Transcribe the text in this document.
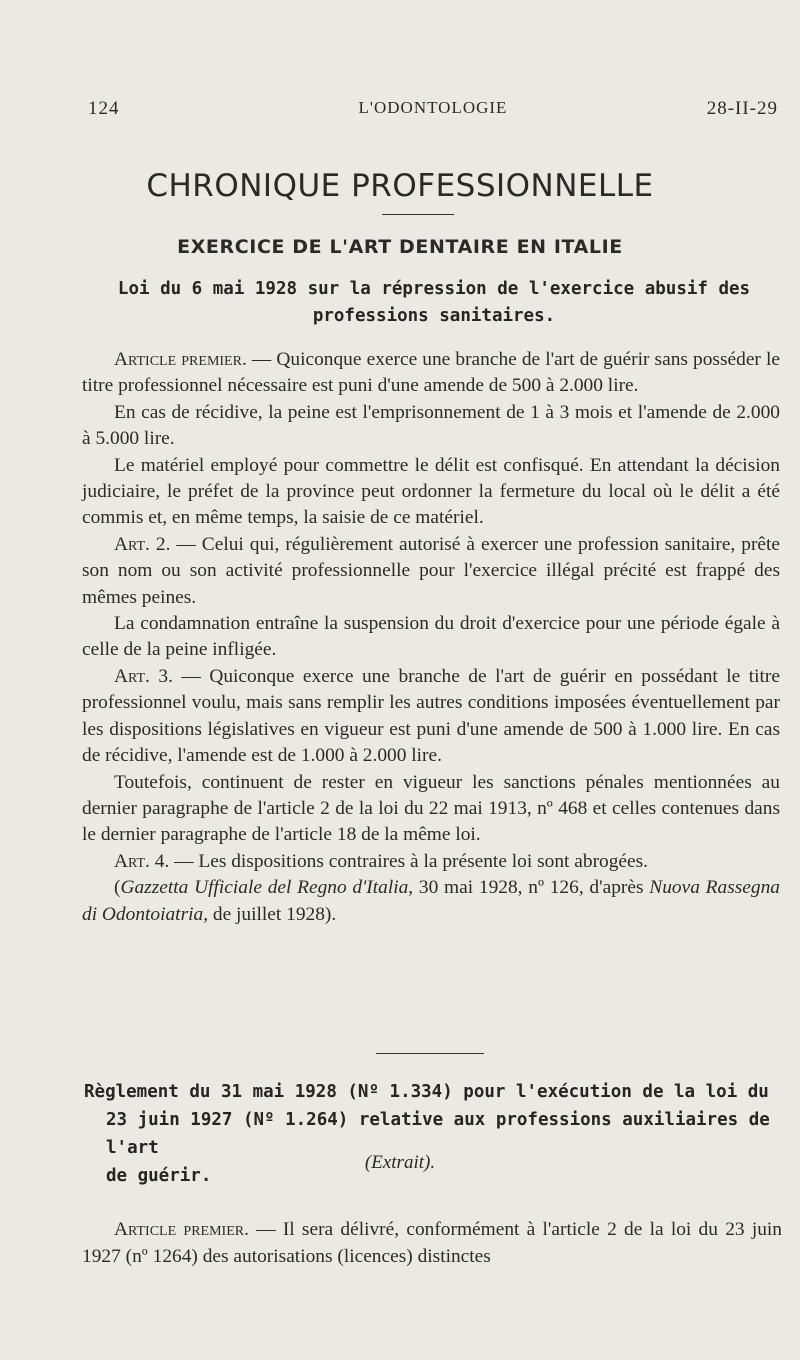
124	L'ODONTOLOGIE	28-II-29
CHRONIQUE PROFESSIONNELLE
EXERCICE DE L'ART DENTAIRE EN ITALIE
Loi du 6 mai 1928 sur la répression de l'exercice abusif des professions sanitaires.

Article premier. — Quiconque exerce une branche de l'art de guérir sans posséder le titre professionnel nécessaire est puni d'une amende de 500 à 2.000 lire.

En cas de récidive, la peine est l'emprisonnement de 1 à 3 mois et l'amende de 2.000 à 5.000 lire.

Le matériel employé pour commettre le délit est confisqué. En attendant la décision judiciaire, le préfet de la province peut ordonner la fermeture du local où le délit a été commis et, en même temps, la saisie de ce matériel.

Art. 2. — Celui qui, régulièrement autorisé à exercer une profession sanitaire, prête son nom ou son activité professionnelle pour l'exercice illégal précité est frappé des mêmes peines.

La condamnation entraîne la suspension du droit d'exercice pour une période égale à celle de la peine infligée.

Art. 3. — Quiconque exerce une branche de l'art de guérir en possédant le titre professionnel voulu, mais sans remplir les autres conditions imposées éventuellement par les dispositions législatives en vigueur est puni d'une amende de 500 à 1.000 lire. En cas de récidive, l'amende est de 1.000 à 2.000 lire.

Toutefois, continuent de rester en vigueur les sanctions pénales mentionnées au dernier paragraphe de l'article 2 de la loi du 22 mai 1913, nº 468 et celles contenues dans le dernier paragraphe de l'article 18 de la même loi.

Art. 4. — Les dispositions contraires à la présente loi sont abrogées.

(Gazzetta Ufficiale del Regno d'Italia, 30 mai 1928, nº 126, d'après Nuova Rassegna di Odontoiatria, de juillet 1928).

Règlement du 31 mai 1928 (Nº 1.334) pour l'exécution de la loi du
23 juin 1927 (Nº 1.264) relative aux professions auxiliaires de l'art
de guérir.
(Extrait).

Article premier. — Il sera délivré, conformément à l'article 2 de la loi du 23 juin 1927 (nº 1264) des autorisations (licences) distinctes
